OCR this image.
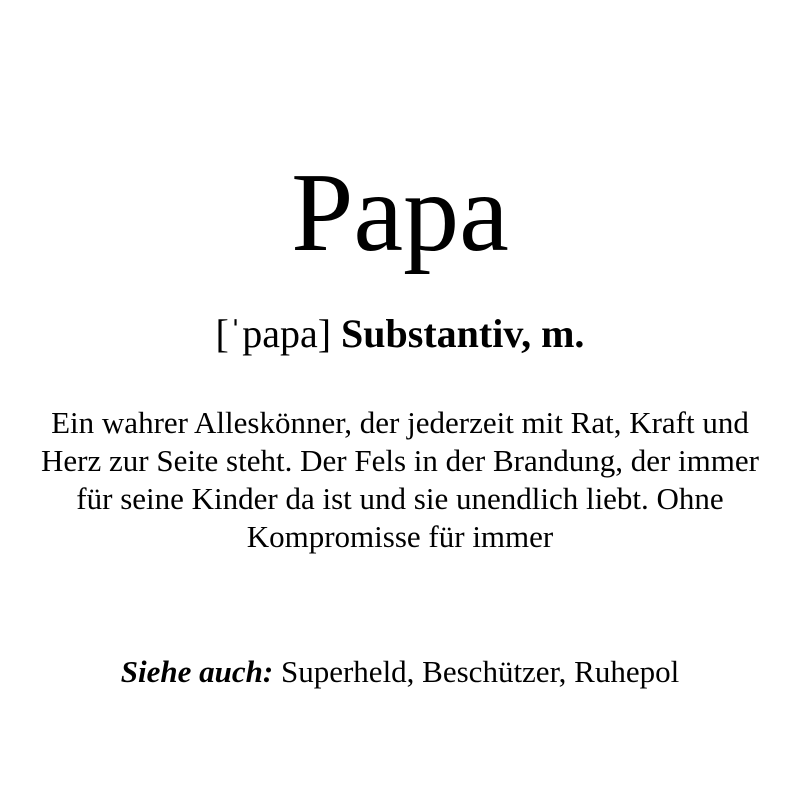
Papa

[ˈpapa] Substantiv, m.

Ein wahrer Alleskönner, der jederzeit mit Rat, Kraft und Herz zur Seite steht. Der Fels in der Brandung, der immer für seine Kinder da ist und sie unendlich liebt. Ohne Kompromisse für immer

Siehe auch: Superheld, Beschützer, Ruhepol
